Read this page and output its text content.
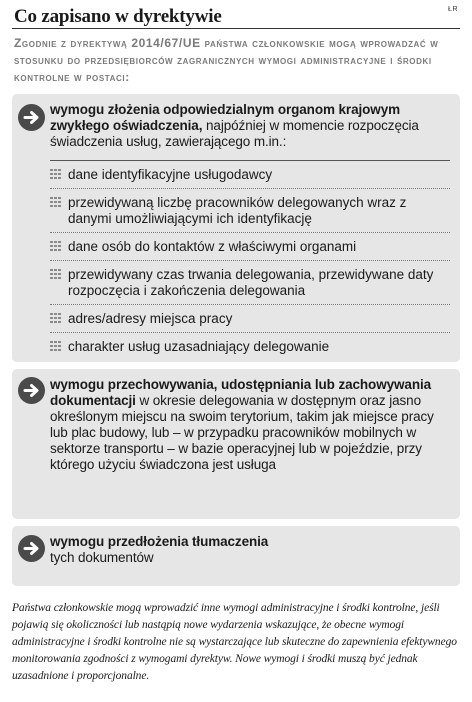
Co zapisano w dyrektywie	ŁR
Zgodnie z dyrektywą 2014/67/UE państwa członkowskie mogą wprowadzać w stosunku do przedsiębiorców zagranicznych wymogi administracyjne i środki kontrolne w postaci:
wymogu złożenia odpowiedzialnym organom krajowym zwykłego oświadczenia, najpóźniej w momencie rozpoczęcia świadczenia usług, zawierającego m.in.:
dane identyfikacyjne usługodawcy
przewidywaną liczbę pracowników delegowanych wraz z danymi umożliwiającymi ich identyfikację
dane osób do kontaktów z właściwymi organami
przewidywany czas trwania delegowania, przewidywane daty rozpoczęcia i zakończenia delegowania
adres/adresy miejsca pracy
charakter usług uzasadniający delegowanie
wymogu przechowywania, udostępniania lub zachowywania dokumentacji w okresie delegowania w dostępnym oraz jasno określonym miejscu na swoim terytorium, takim jak miejsce pracy lub plac budowy, lub – w przypadku pracowników mobilnych w sektorze transportu – w bazie operacyjnej lub w pojeździe, przy którego użyciu świadczona jest usługa
wymogu przedłożenia tłumaczenia
tych dokumentów
Państwa członkowskie mogą wprowadzić inne wymogi administracyjne i środki kontrolne, jeśli pojawią się okoliczności lub nastąpią nowe wydarzenia wskazujące, że obecne wymogi administracyjne i środki kontrolne nie są wystarczające lub skuteczne do zapewnienia efektywnego monitorowania zgodności z wymogami dyrektyw. Nowe wymogi i środki muszą być jednak uzasadnione i proporcjonalne.
